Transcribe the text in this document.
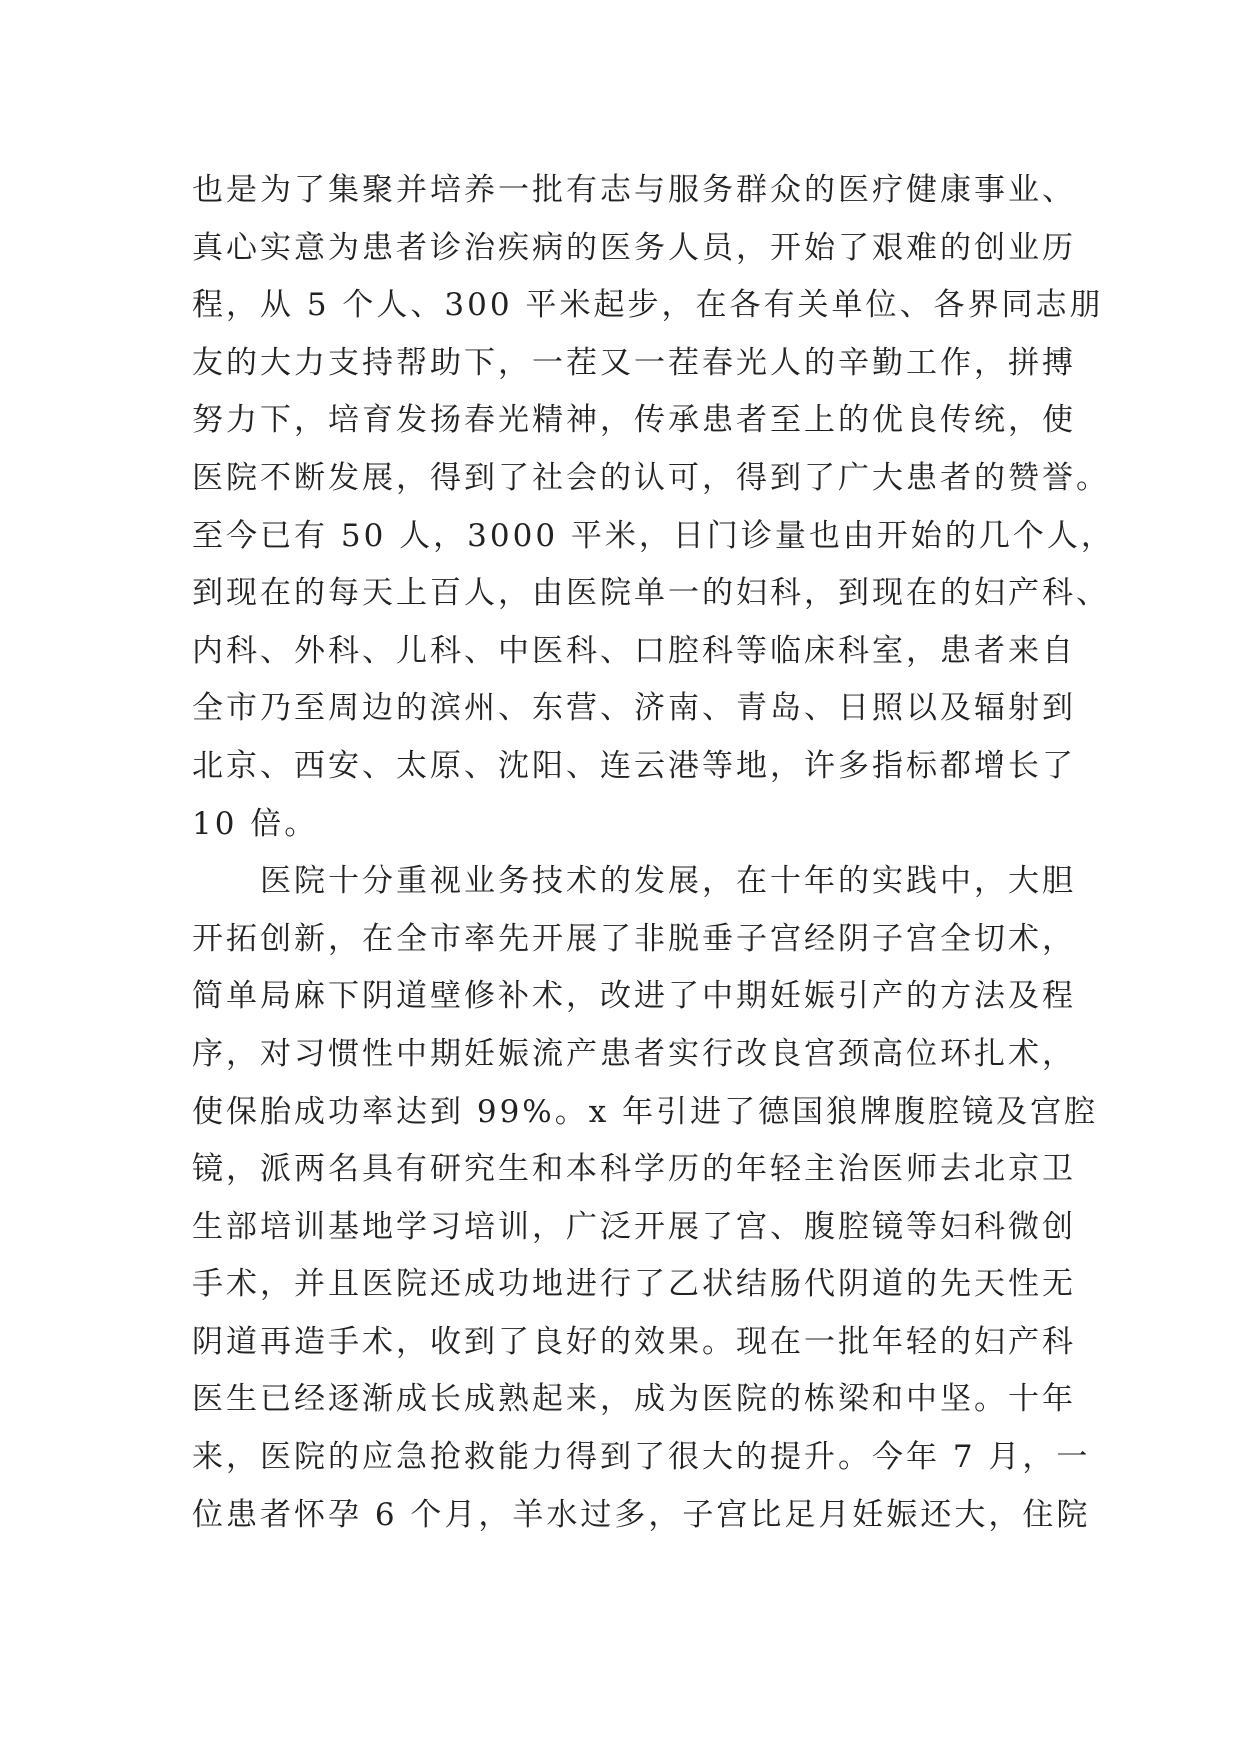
也是为了集聚并培养一批有志与服务群众的医疗健康事业、
真心实意为患者诊治疾病的医务人员，开始了艰难的创业历
程，从 5 个人、300 平米起步，在各有关单位、各界同志朋
友的大力支持帮助下，一茬又一茬春光人的辛勤工作，拼搏
努力下，培育发扬春光精神，传承患者至上的优良传统，使
医院不断发展，得到了社会的认可，得到了广大患者的赞誉。
至今已有 50 人，3000 平米，日门诊量也由开始的几个人，
到现在的每天上百人，由医院单一的妇科，到现在的妇产科、
内科、外科、儿科、中医科、口腔科等临床科室，患者来自
全市乃至周边的滨州、东营、济南、青岛、日照以及辐射到
北京、西安、太原、沈阳、连云港等地，许多指标都增长了
10 倍。
医院十分重视业务技术的发展，在十年的实践中，大胆
开拓创新，在全市率先开展了非脱垂子宫经阴子宫全切术，
简单局麻下阴道壁修补术，改进了中期妊娠引产的方法及程
序，对习惯性中期妊娠流产患者实行改良宫颈高位环扎术，
使保胎成功率达到 99%。x 年引进了德国狼牌腹腔镜及宫腔
镜，派两名具有研究生和本科学历的年轻主治医师去北京卫
生部培训基地学习培训，广泛开展了宫、腹腔镜等妇科微创
手术，并且医院还成功地进行了乙状结肠代阴道的先天性无
阴道再造手术，收到了良好的效果。现在一批年轻的妇产科
医生已经逐渐成长成熟起来，成为医院的栋梁和中坚。十年
来，医院的应急抢救能力得到了很大的提升。今年 7 月，一
位患者怀孕 6 个月，羊水过多，子宫比足月妊娠还大，住院
